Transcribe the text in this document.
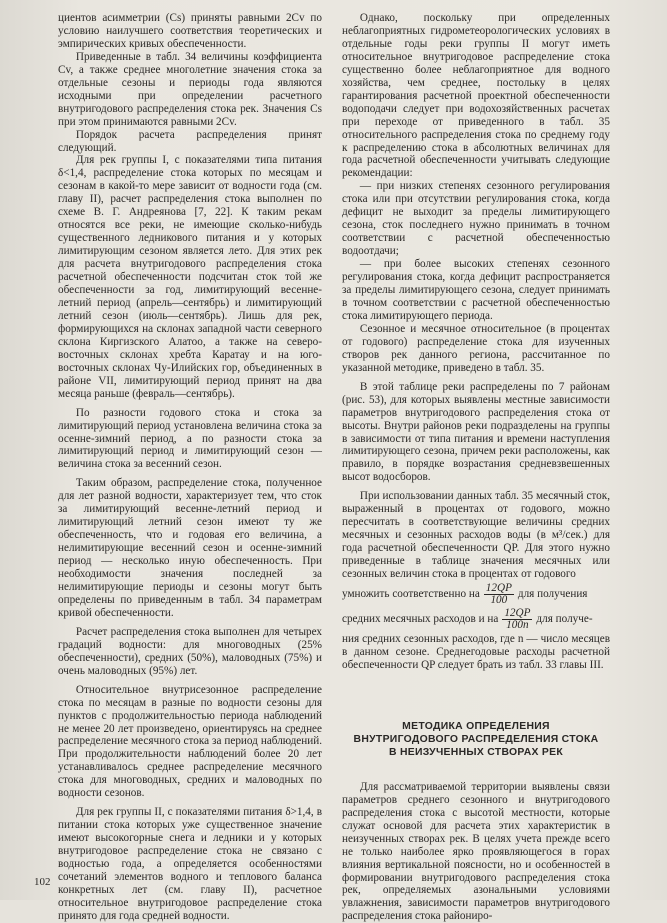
циентов асимметрии (Cs) приняты равными 2Cv по условию наилучшего соответствия теоретических и эмпирических кривых обеспеченности.

Приведенные в табл. 34 величины коэффициента Cv, а также среднее многолетние значения стока за отдельные сезоны и периоды года являются исходными при определении расчетного внутригодового распределения стока рек. Значения Cs при этом принимаются равными 2Cv.

Порядок расчета распределения принят следующий.

Для рек группы I, с показателями типа питания δ<1,4, распределение стока которых по месяцам и сезонам в какой-то мере зависит от водности года (см. главу II), расчет распределения стока выполнен по схеме В. Г. Андреянова [7, 22]. К таким рекам относятся все реки, не имеющие сколько-нибудь существенного ледникового питания и у которых лимитирующим сезоном является лето. Для этих рек для расчета внутригодового распределения стока расчетной обеспеченности подсчитан сток той же обеспеченности за год, лимитирующий весенне-летний период (апрель—сентябрь) и лимитирующий летний сезон (июль—сентябрь). Лишь для рек, формирующихся на склонах западной части северного склона Киргизского Алатоо, а также на северо-восточных склонах хребта Каратау и на юго-восточных склонах Чу-Илийских гор, объединенных в районе VII, лимитирующий период принят на два месяца раньше (февраль—сентябрь).

По разности годового стока и стока за лимитирующий период установлена величина стока за осенне-зимний период, а по разности стока за лимитирующий период и лимитирующий сезон — величина стока за весенний сезон.

Таким образом, распределение стока, полученное для лет разной водности, характеризует тем, что сток за лимитирующий весенне-летний период и лимитирующий летний сезон имеют ту же обеспеченность, что и годовая его величина, а нелимитирующие весенний сезон и осенне-зимний период — несколько иную обеспеченность. При необходимости значения последней за нелимитирующие периоды и сезоны могут быть определены по приведенным в табл. 34 параметрам кривой обеспеченности.

Расчет распределения стока выполнен для четырех градаций водности: для многоводных (25% обеспеченности), средних (50%), маловодных (75%) и очень маловодных (95%) лет.

Относительное внутрисезонное распределение стока по месяцам в разные по водности сезоны для пунктов с продолжительностью периода наблюдений не менее 20 лет произведено, ориентируясь на среднее распределение месячного стока за период наблюдений. При продолжительности наблюдений более 20 лет устанавливалось среднее распределение месячного стока для многоводных, средних и маловодных по водности сезонов.

Для рек группы II, с показателями питания δ>1,4, в питании стока которых уже существенное значение имеют высокогорные снега и ледники и у которых внутригодовое распределение стока не связано с водностью года, а определяется особенностями сочетаний элементов водного и теплового баланса конкретных лет (см. главу II), расчетное относительное внутригодовое распределение стока принято для года средней водности.

Однако, поскольку при определенных неблагоприятных гидрометеорологических условиях в отдельные годы реки группы II могут иметь относительное внутригодовое распределение стока существенно более неблагоприятное для водного хозяйства, чем среднее, постольку в целях гарантирования расчетной проектной обеспеченности водоподачи следует при водохозяйственных расчетах при переходе от приведенного в табл. 35 относительного распределения стока по среднему году к распределению стока в абсолютных величинах для года расчетной обеспеченности учитывать следующие рекомендации:

— при низких степенях сезонного регулирования стока или при отсутствии регулирования стока, когда дефицит не выходит за пределы лимитирующего сезона, сток последнего нужно принимать в точном соответствии с расчетной обеспеченностью водоотдачи;

— при более высоких степенях сезонного регулирования стока, когда дефицит распространяется за пределы лимитирующего сезона, следует принимать в точном соответствии с расчетной обеспеченностью стока лимитирующего периода.

Сезонное и месячное относительное (в процентах от годового) распределение стока для изученных створов рек данного региона, рассчитанное по указанной методике, приведено в табл. 35.

В этой таблице реки распределены по 7 районам (рис. 53), для которых выявлены местные зависимости параметров внутригодового распределения стока от высоты. Внутри районов реки подразделены на группы в зависимости от типа питания и времени наступления лимитирующего сезона, причем реки расположены, как правило, в порядке возрастания средневзвешенных высот водосборов.

При использовании данных табл. 35 месячный сток, выраженный в процентах от годового, можно пересчитать в соответствующие величины средних месячных и сезонных расходов воды (в м³/сек.) для года расчетной обеспеченности QP. Для этого нужно приведенные в таблице значения месячных или сезонных величин стока в процентах от годового

умножить соответственно на $\frac{12QP}{100}$ для получения
средних месячных расходов и на $\frac{12QP}{100n}$ для получе-

ния средних сезонных расходов, где n — число месяцев в данном сезоне. Среднегодовые расходы расчетной обеспеченности QP следует брать из табл. 33 главы III.

МЕТОДИКА ОПРЕДЕЛЕНИЯ
ВНУТРИГОДОВОГО РАСПРЕДЕЛЕНИЯ СТОКА
В НЕИЗУЧЕННЫХ СТВОРАХ РЕК

Для рассматриваемой территории выявлены связи параметров среднего сезонного и внутригодового распределения стока с высотой местности, которые служат основой для расчета этих характеристик в неизученных створах рек. В целях учета прежде всего не только наиболее ярко проявляющегося в горах влияния вертикальной поясности, но и особенностей в формировании внутригодового распределения стока рек, определяемых азональными условиями увлажнения, зависимости параметров внутригодового распределения стока райониро-

102
